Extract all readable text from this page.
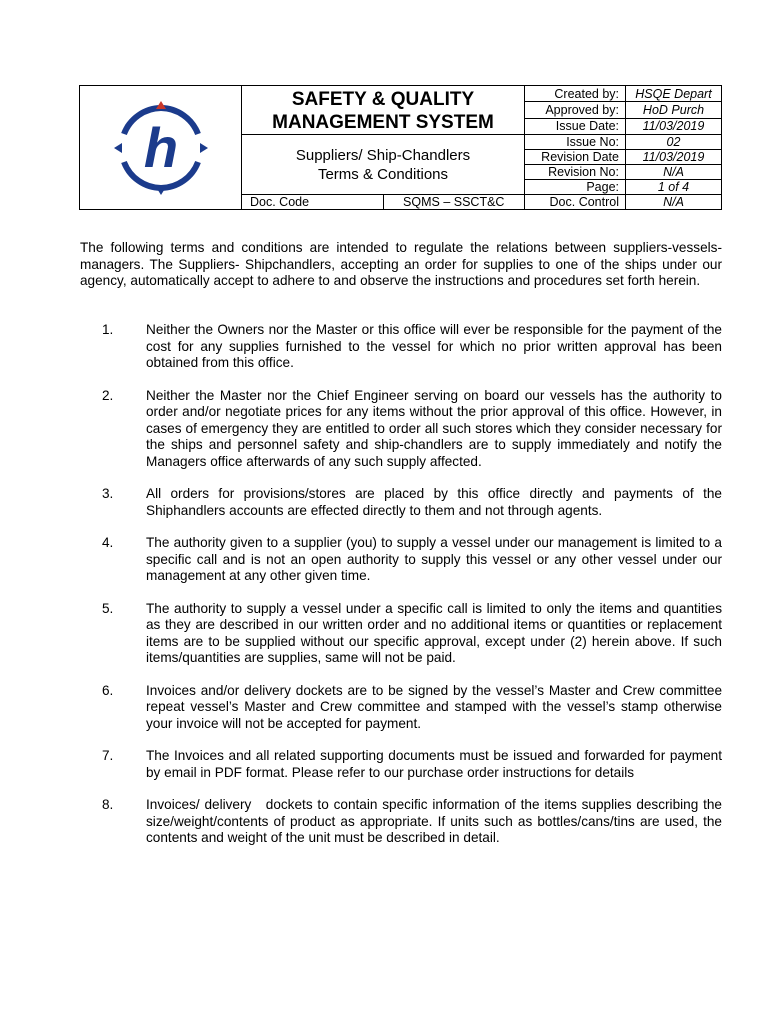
h	SAFETY & QUALITY
MANAGEMENT SYSTEM		Created by:	HSQE Depart
			Approved by:	HoD Purch
			Issue Date:	11/03/2019

	Suppliers/ Ship-Chandlers
Terms & Conditions		Issue No:	02
			Revision Date	11/03/2019
			Revision No:	N/A
			Page:	1 of 4
	Doc. Code	SQMS – SSCT&C	Doc. Control	N/A

The following terms and conditions are intended to regulate the relations between suppliers-vessels- managers. The Suppliers- Shipchandlers, accepting an order for supplies to one of the ships under our agency, automatically accept to adhere to and observe the instructions and procedures set forth herein.

1. Neither the Owners nor the Master or this office will ever be responsible for the payment of the cost for any supplies furnished to the vessel for which no prior written approval has been obtained from this office.
2. Neither the Master nor the Chief Engineer serving on board our vessels has the authority to order and/or negotiate prices for any items without the prior approval of this office. However, in cases of emergency they are entitled to order all such stores which they consider necessary for the ships and personnel safety and ship-chandlers are to supply immediately and notify the Managers office afterwards of any such supply affected.
3. All orders for provisions/stores are placed by this office directly and payments of the Shiphandlers accounts are effected directly to them and not through agents.
4. The authority given to a supplier (you) to supply a vessel under our management is limited to a specific call and is not an open authority to supply this vessel or any other vessel under our management at any other given time.
5. The authority to supply a vessel under a specific call is limited to only the items and quantities as they are described in our written order and no additional items or quantities or replacement items are to be supplied without our specific approval, except under (2) herein above. If such items/quantities are supplies, same will not be paid.
6. Invoices and/or delivery dockets are to be signed by the vessel’s Master and Crew committee repeat vessel’s Master and Crew committee and stamped with the vessel’s stamp otherwise your invoice will not be accepted for payment.
7. The Invoices and all related supporting documents must be issued and forwarded for payment by email in PDF format. Please refer to our purchase order instructions for details
8. Invoices/ delivery   dockets to contain specific information of the items supplies describing the size/weight/contents of product as appropriate. If units such as bottles/cans/tins are used, the contents and weight of the unit must be described in detail.
